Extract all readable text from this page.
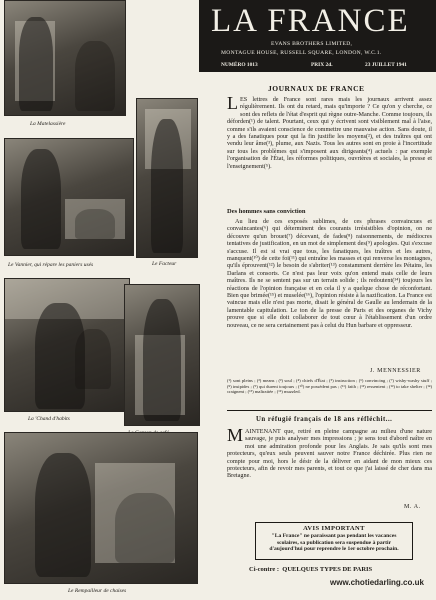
La Matelassière
Le Facteur
Le Vannier, qui répare les paniers usés
La 'Chand d'habits
Le Rempailleur de chaises
LA FRANCE
EVANS BROTHERS LIMITED,
MONTAGUE HOUSE, RUSSELL SQUARE, LONDON, W.C.1.
NUMÉRO 1013	PRIX 2d.	23 JUILLET 1941
JOURNAUX DE FRANCE
LES lettres de France sont rares mais les journaux arrivent assez régulièrement. Ils ont du retard, mais qu'importe ? Ce qu'on y cherche, ce sont des reflets de l'état d'esprit qui règne outre-Manche. Comme toujours, ils déforden(¹) de talent. Pourtant, ceux qui y écrivent sont visiblement mal à l'aise, comme s'ils avaient conscience de commettre une mauvaise action. Sans doute, il y a des fanatiques pour qui la fin justifie les moyens(²), et des traîtres qui ont vendu leur âme(³), plume, aux Nazis. Tous les autres sont en proie à l'incertitude sur tous les problèmes qui s'imposent aux dirigeants(⁴) actuels : par exemple l'organisation de l'État, les réformes politiques, ouvrières et sociales, la presse et l'enseignement(⁵).
Des hommes sans conviction
Au lieu de ces exposés sublimes, de ces phrases convaincues et convaincantes(⁶) qui déterminent des courants irrésistibles d'opinion, on ne découvre qu'un brouet(⁷) décevant, de fades(⁸) raisonnements, de médiocres tentatives de justification, en un mot de simplement des(⁹) apologies. Qui s'excuse s'accuse. Il est si vrai que tous, les fanatiques, les traîtres et les autres, manquent(¹⁰) de cette foi(¹¹) qui entraîne les masses et qui renverse les montagnes, qu'ils éprouvent(¹²) le besoin de s'abriter(¹³) constamment derrière les Pétains, les Darlans et consorts. Ce n'est pas leur voix qu'on entend mais celle de leurs maîtres. Ils ne se sentent pas sur un terrain solide ; ils redoutent(¹⁴) toujours les réactions de l'opinion française et en cela il y a quelque chose de réconfortant. Bien que brimée(¹⁵) et muselée(¹⁶), l'opinion résiste à la nazification. La France est vaincue mais elle n'est pas morte, disait le général de Gaulle au lendemain de la lamentable capitulation. Le ton de la presse de Paris et des organes de Vichy prouve que si elle doit collaborer de tout cœur à l'établissement d'un ordre nouveau, ce ne sera certainement pas à celui du Hun barbare et oppresseur.
J. MENNESSIER
(¹) sont pleins ; (²) means ; (³) soul ; (⁴) chiefs d'État ; (⁵) instruction ; (⁶) convincing ; (⁷) wishy-washy stuff ; (⁸) insipides ; (⁹) qui durent toujours ; (¹⁰) ne possèdent pas ; (¹¹) faith ; (¹²) ressentent ; (¹³) to take shelter ; (¹⁴) craignent ; (¹⁵) maltraitée ; (¹⁶) muzzled.
Un réfugié français de 18 ans réfléchit...
MAINTENANT que, retiré en pleine campagne au milieu d'une nature sauvage, je puis analyser mes impressions ; je sens tout d'abord naître en moi une admiration profonde pour les Anglais. Je sais qu'ils sont mes protecteurs, qu'eux seuls peuvent sauver notre France déchirée. Plus rien ne compte pour moi, hors le désir de la délivrer en aidant de mon mieux ces protecteurs, afin de revoir mes parents, et tout ce que j'ai laissé de cher dans ma Bretagne.
M. A.
AVIS IMPORTANT
"La France" ne paraissant pas pendant les vacances scolaires, sa publication sera suspendue à partir d'aujourd'hui pour reprendre le 1er octobre prochain.
Ci-contre : QUELQUES TYPES DE PARIS
www.chotiedarling.co.uk
